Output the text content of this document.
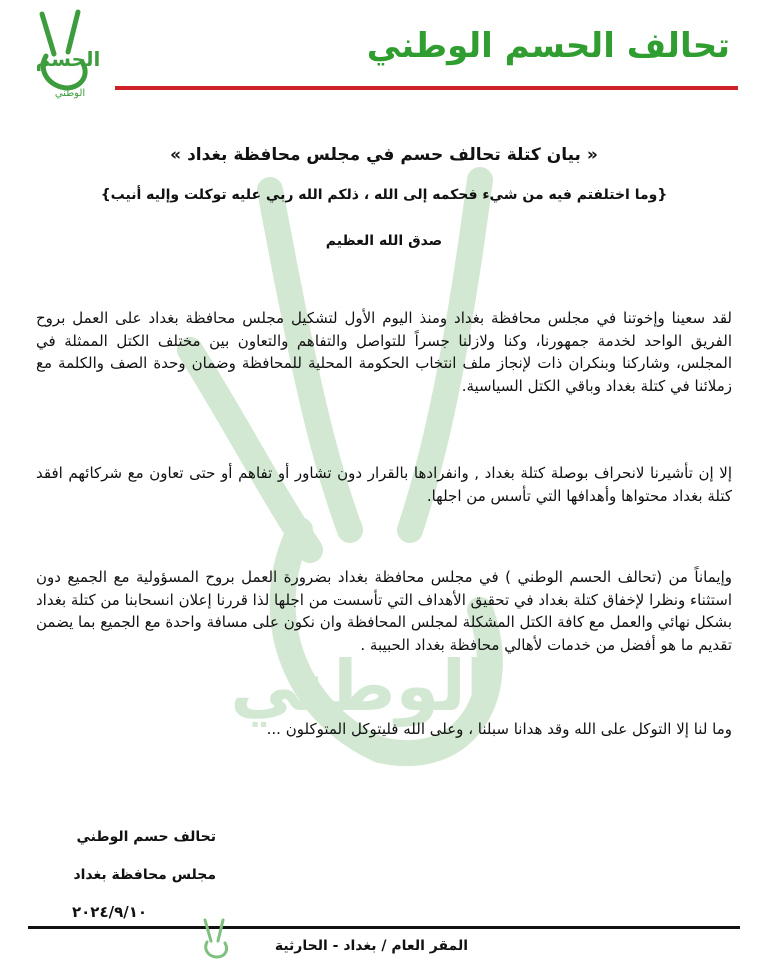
الوطني
الحسم
الوطني
تحالف الحسم الوطني
« بيان كتلة تحالف حسم في مجلس محافظة بغداد »
{وما اختلفتم فيه من شيء فحكمه إلى الله ، ذلكم الله ربي عليه توكلت وإليه أنيب}
صدق الله العظيم
لقد سعينا وإخوتنا في مجلس محافظة بغداد ومنذ اليوم الأول لتشكيل مجلس محافظة بغداد على العمل بروح الفريق الواحد لخدمة جمهورنا، وكنا ولازلنا جسراً للتواصل والتفاهم والتعاون بين مختلف الكتل الممثلة في المجلس، وشاركنا وبنكران ذات لإنجاز ملف انتخاب الحكومة المحلية للمحافظة وضمان وحدة الصف والكلمة مع زملائنا في كتلة بغداد وباقي الكتل السياسية.
إلا إن تأشيرنا لانحراف بوصلة كتلة بغداد , وانفرادها بالقرار دون تشاور أو تفاهم أو حتى تعاون مع شركائهم افقد كتلة بغداد محتواها وأهدافها التي تأسس من اجلها.
وإيماناً من (تحالف الحسم الوطني ) في مجلس محافظة بغداد بضرورة العمل بروح المسؤولية مع الجميع دون استثناء ونظرا لإخفاق كتلة بغداد في تحقيق الأهداف التي تأسست من اجلها لذا قررنا إعلان انسحابنا من كتلة بغداد بشكل نهائي والعمل مع كافة الكتل المشكلة لمجلس المحافظة وان نكون على مسافة واحدة مع الجميع بما يضمن تقديم ما هو أفضل من خدمات لأهالي محافظة بغداد الحبيبة .
وما لنا إلا التوكل على الله وقد هدانا سبلنا ، وعلى الله فليتوكل المتوكلون ...
تحالف حسم الوطني
مجلس محافظة بغداد
٢٠٢٤/٩/١٠
المقر العام / بغداد - الحارثية
